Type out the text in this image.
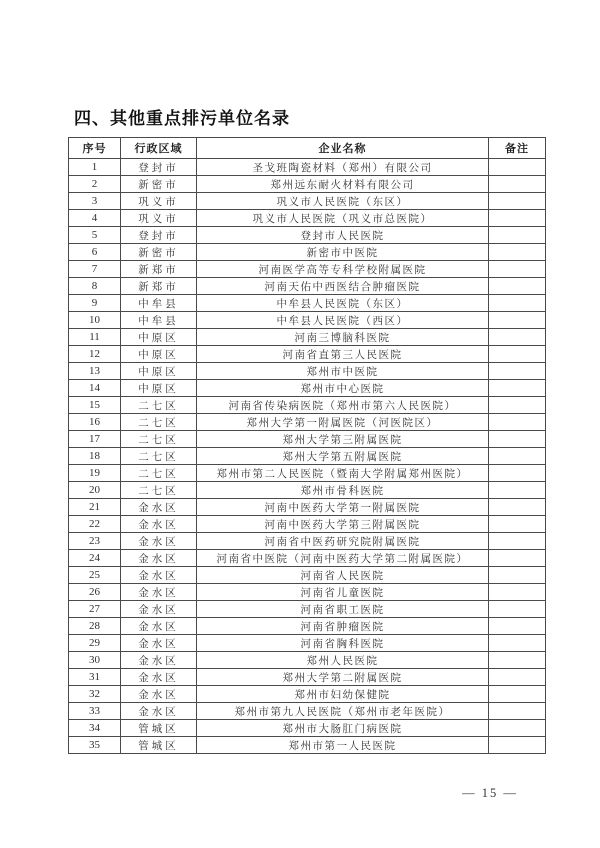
四、其他重点排污单位名录
序号	行政区域	企业名称	备注
1	登封市	圣戈班陶瓷材料（郑州）有限公司	
2	新密市	郑州远东耐火材料有限公司	
3	巩义市	巩义市人民医院（东区）	
4	巩义市	巩义市人民医院（巩义市总医院）	
5	登封市	登封市人民医院	
6	新密市	新密市中医院	
7	新郑市	河南医学高等专科学校附属医院	
8	新郑市	河南天佑中西医结合肿瘤医院	
9	中牟县	中牟县人民医院（东区）	
10	中牟县	中牟县人民医院（西区）	
11	中原区	河南三博脑科医院	
12	中原区	河南省直第三人民医院	
13	中原区	郑州市中医院	
14	中原区	郑州市中心医院	
15	二七区	河南省传染病医院（郑州市第六人民医院）	
16	二七区	郑州大学第一附属医院（河医院区）	
17	二七区	郑州大学第三附属医院	
18	二七区	郑州大学第五附属医院	
19	二七区	郑州市第二人民医院（暨南大学附属郑州医院）	
20	二七区	郑州市骨科医院	
21	金水区	河南中医药大学第一附属医院	
22	金水区	河南中医药大学第三附属医院	
23	金水区	河南省中医药研究院附属医院	
24	金水区	河南省中医院（河南中医药大学第二附属医院）	
25	金水区	河南省人民医院	
26	金水区	河南省儿童医院	
27	金水区	河南省职工医院	
28	金水区	河南省肿瘤医院	
29	金水区	河南省胸科医院	
30	金水区	郑州人民医院	
31	金水区	郑州大学第二附属医院	
32	金水区	郑州市妇幼保健院	
33	金水区	郑州市第九人民医院（郑州市老年医院）	
34	管城区	郑州市大肠肛门病医院	
35	管城区	郑州市第一人民医院	
— 15 —
